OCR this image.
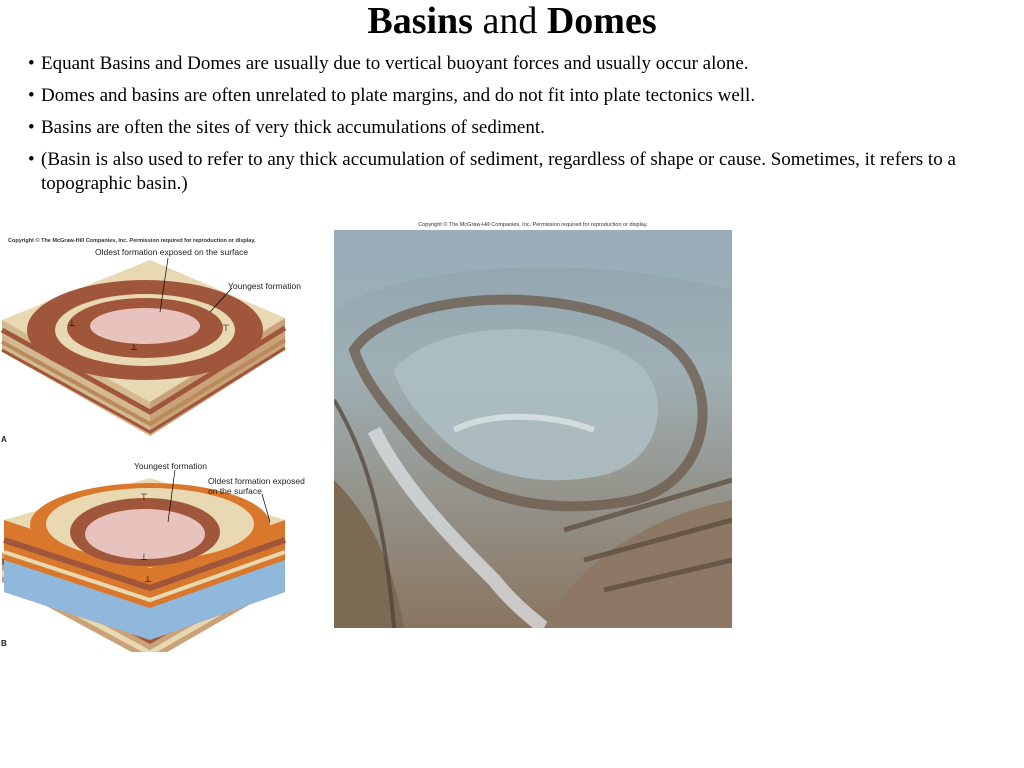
Basins and Domes
• Equant Basins and Domes are usually due to vertical buoyant forces and usually occur alone.
• Domes and basins are often unrelated to plate margins, and do not fit into plate tectonics well.
• Basins are often the sites of very thick accumulations of sediment.
• (Basin is also used to refer to any thick accumulation of sediment, regardless of shape or cause. Sometimes, it refers to a topographic basin.)
Copyright © The McGraw-Hill Companies, Inc. Permission required for reproduction or display.
⊥
⊥
⊤
Oldest formation exposed on the surface
Youngest formation
A
⊤
⊥
⊥
Youngest formation
Oldest formation exposed
on the surface
B
Copyright © The McGraw-Hill Companies, Inc. Permission required for reproduction or display.
